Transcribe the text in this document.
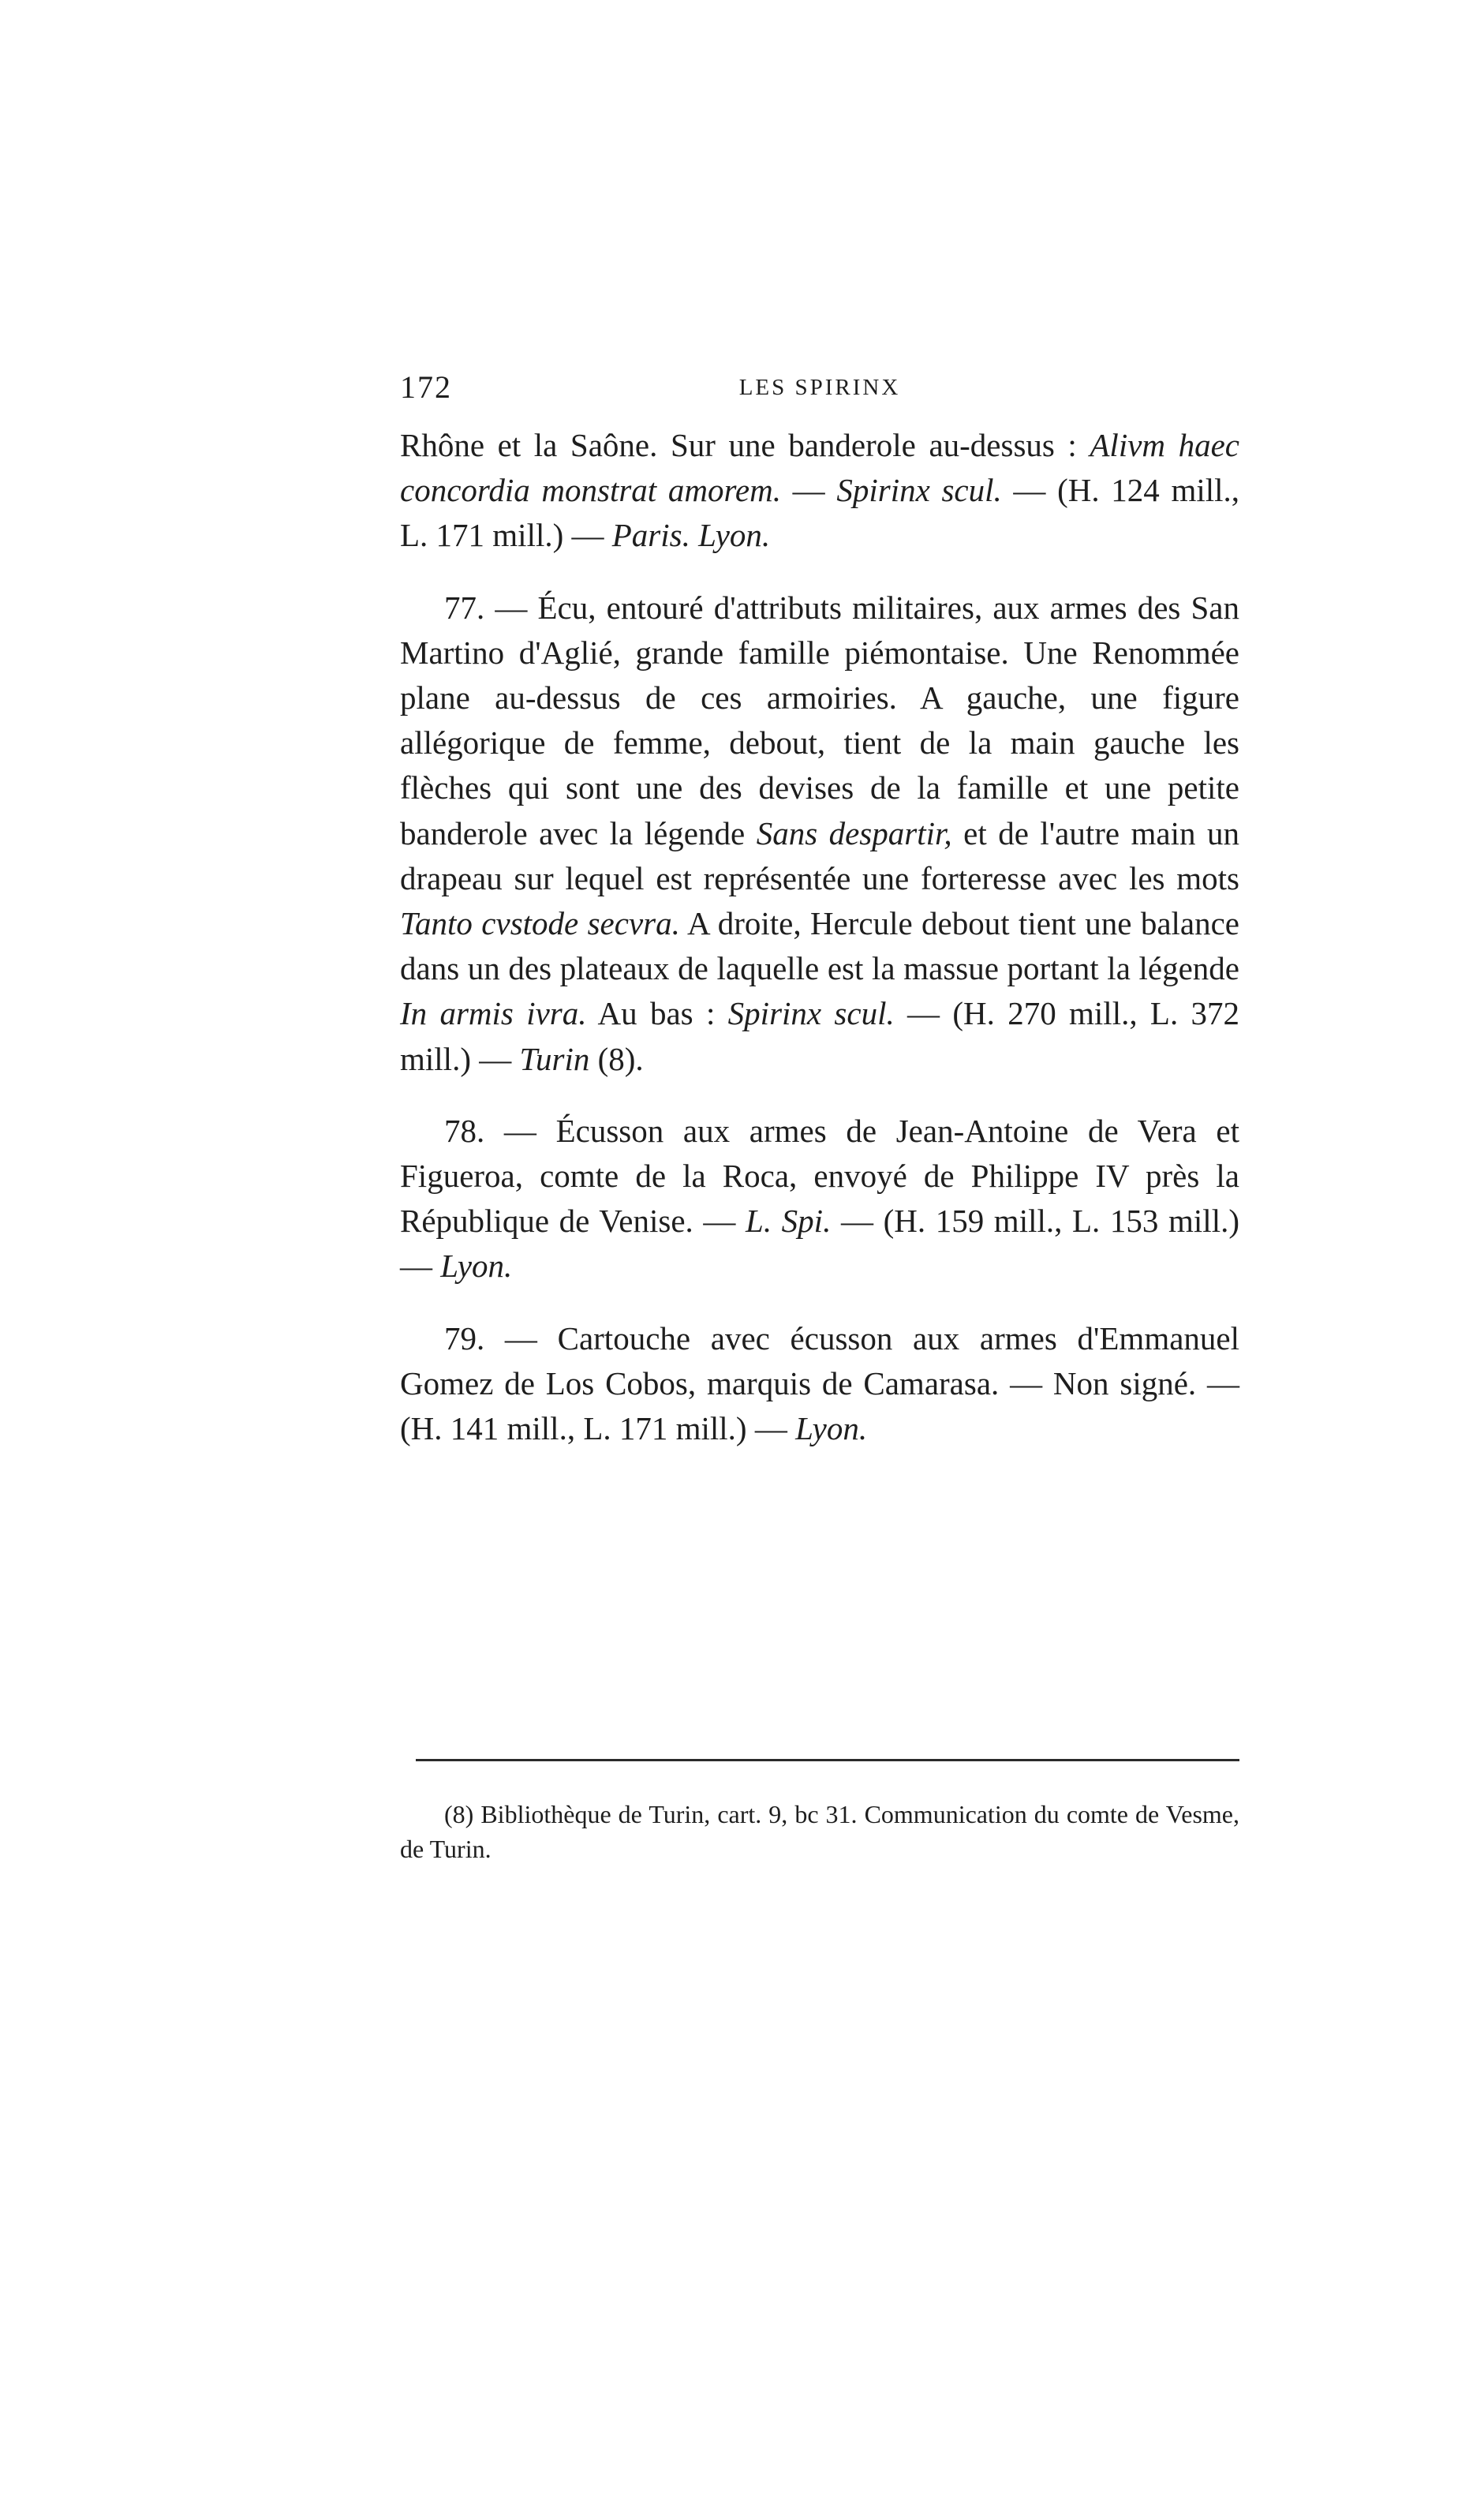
172	LES SPIRINX

Rhône et la Saône. Sur une banderole au-dessus : Alivm haec concordia monstrat amorem. — Spirinx scul. — (H. 124 mill., L. 171 mill.) — Paris. Lyon.

77. — Écu, entouré d'attributs militaires, aux armes des San Martino d'Aglié, grande famille piémontaise. Une Renommée plane au-dessus de ces armoiries. A gauche, une figure allégorique de femme, debout, tient de la main gauche les flèches qui sont une des devises de la famille et une petite banderole avec la légende Sans despartir, et de l'autre main un drapeau sur lequel est représentée une forteresse avec les mots Tanto cvstode secvra. A droite, Hercule debout tient une balance dans un des plateaux de laquelle est la massue portant la légende In armis ivra. Au bas : Spirinx scul. — (H. 270 mill., L. 372 mill.) — Turin (8).

78. — Écusson aux armes de Jean-Antoine de Vera et Figueroa, comte de la Roca, envoyé de Philippe IV près la République de Venise. — L. Spi. — (H. 159 mill., L. 153 mill.) — Lyon.

79. — Cartouche avec écusson aux armes d'Emmanuel Gomez de Los Cobos, marquis de Camarasa. — Non signé. — (H. 141 mill., L. 171 mill.) — Lyon.

(8) Bibliothèque de Turin, cart. 9, bc 31. Communication du comte de Vesme, de Turin.
